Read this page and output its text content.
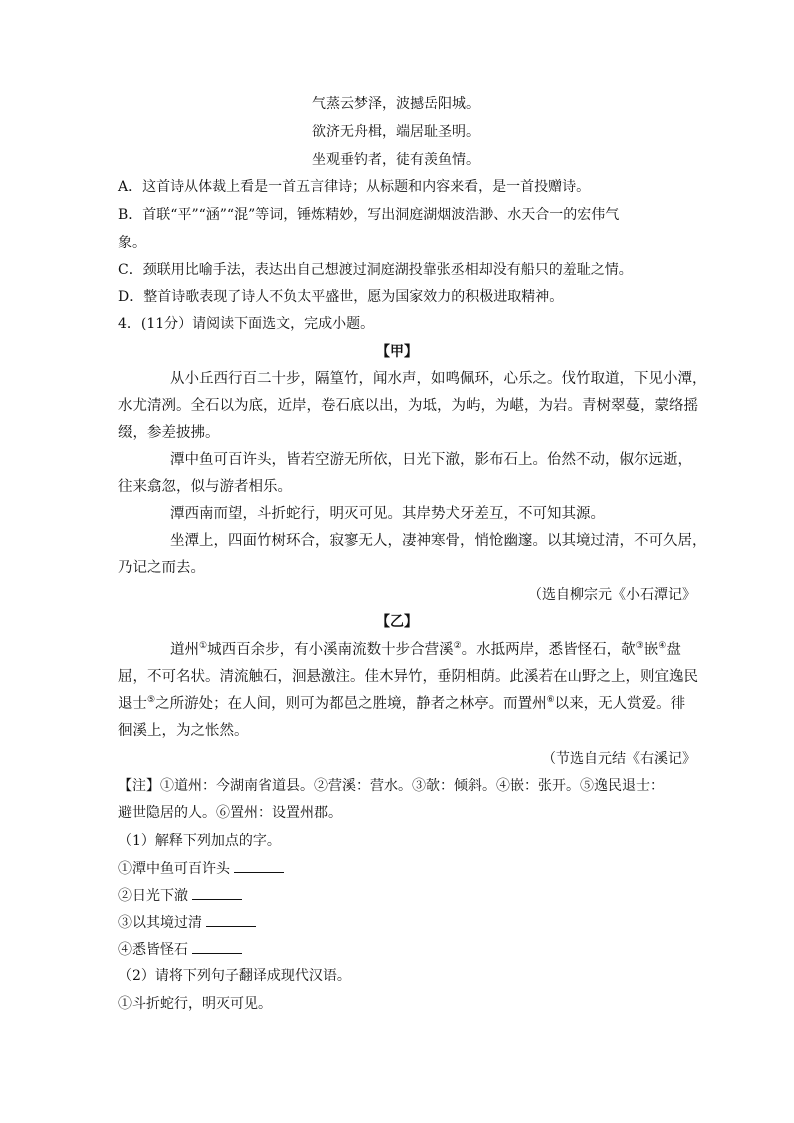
气蒸云梦泽，波撼岳阳城。
欲济无舟楫，端居耻圣明。
坐观垂钓者，徒有羡鱼情。
A．这首诗从体裁上看是一首五言律诗；从标题和内容来看，是一首投赠诗。
B．首联“平”“涵”“混”等词，锤炼精妙，写出洞庭湖烟波浩渺、水天合一的宏伟气
象。
C．颈联用比喻手法，表达出自己想渡过洞庭湖投靠张丞相却没有船只的羞耻之情。
D．整首诗歌表现了诗人不负太平盛世，愿为国家效力的积极进取精神。
4．(11分）请阅读下面选文，完成小题。
【甲】
从小丘西行百二十步，隔篁竹，闻水声，如鸣佩环，心乐之。伐竹取道，下见小潭，
水尤清冽。全石以为底，近岸，卷石底以出，为坻，为屿，为嵁，为岩。青树翠蔓，蒙络摇
缀，参差披拂。
潭中鱼可百许头，皆若空游无所依，日光下澈，影布石上。佁然不动，俶尔远逝，
往来翕忽，似与游者相乐。
潭西南而望，斗折蛇行，明灭可见。其岸势犬牙差互，不可知其源。
坐潭上，四面竹树环合，寂寥无人，凄神寒骨，悄怆幽邃。以其境过清，不可久居，
乃记之而去。
（选自柳宗元《小石潭记》
【乙】
道州①城西百余步，有小溪南流数十步合营溪②。水抵两岸，悉皆怪石，欹③嵌④盘
屈，不可名状。清流触石，洄悬激注。佳木异竹，垂阴相荫。此溪若在山野之上，则宜逸民
退士⑤之所游处；在人间，则可为都邑之胜境，静者之林亭。而置州⑥以来，无人赏爱。徘
徊溪上，为之怅然。
（节选自元结《右溪记》
【注】①道州：今湖南省道县。②营溪：营水。③欹：倾斜。④嵌：张开。⑤逸民退士：
避世隐居的人。⑥置州：设置州郡。
（1）解释下列加点的字。
①潭中鱼可百许头
②日光下澈
③以其境过清
④悉皆怪石
（2）请将下列句子翻译成现代汉语。
①斗折蛇行，明灭可见。
